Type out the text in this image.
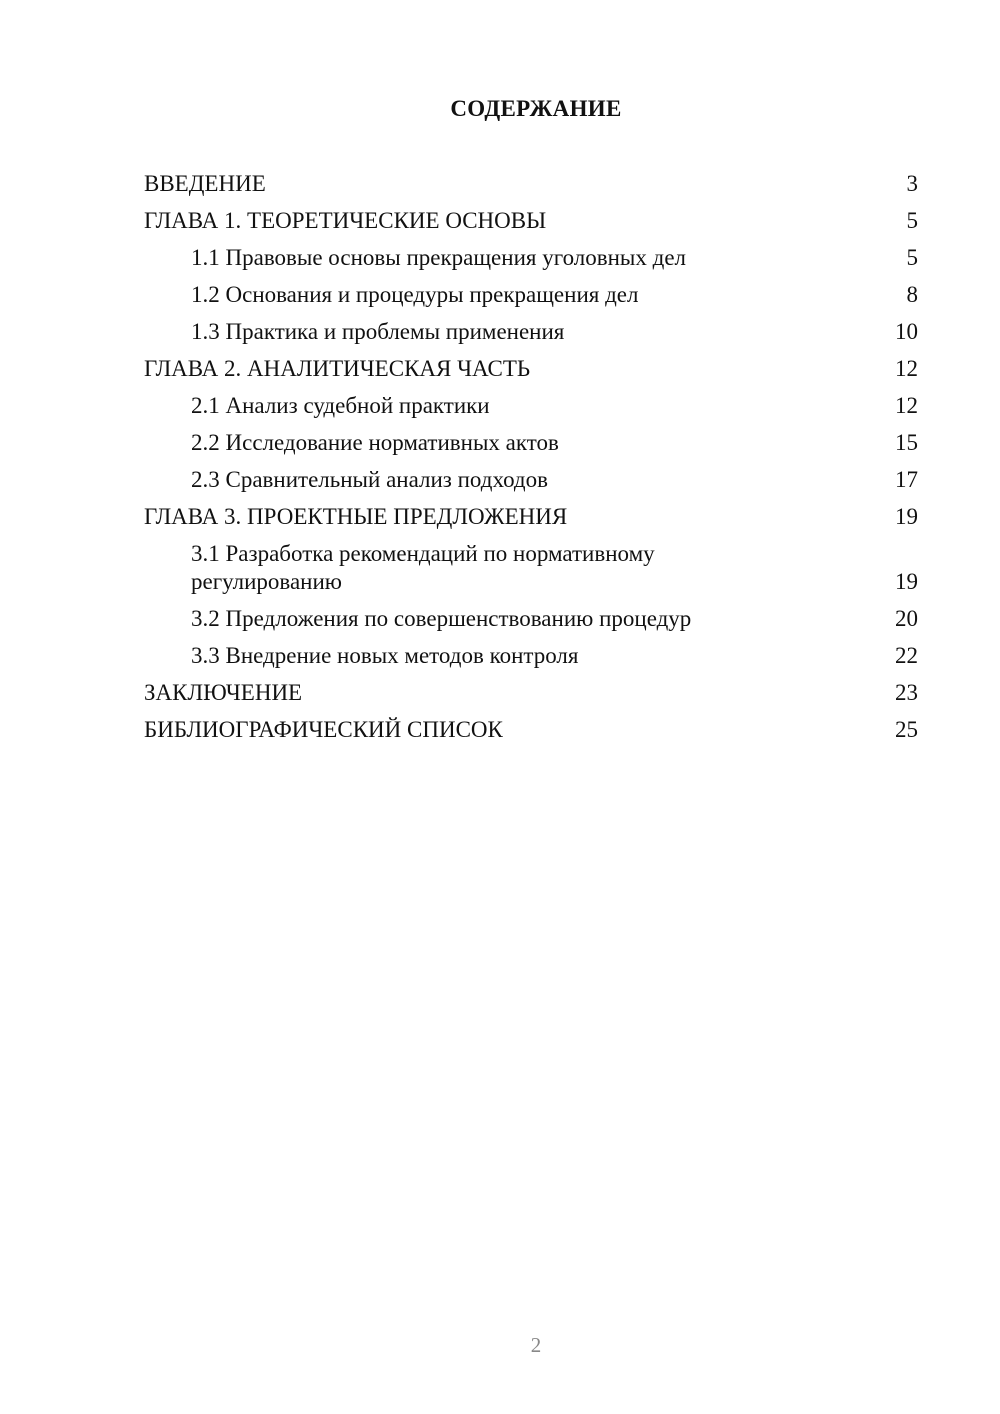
СОДЕРЖАНИЕ
ВВЕДЕНИЕ	3
ГЛАВА 1. ТЕОРЕТИЧЕСКИЕ ОСНОВЫ	5
1.1 Правовые основы прекращения уголовных дел	5
1.2 Основания и процедуры прекращения дел	8
1.3 Практика и проблемы применения	10
ГЛАВА 2. АНАЛИТИЧЕСКАЯ ЧАСТЬ	12
2.1 Анализ судебной практики	12
2.2 Исследование нормативных актов	15
2.3 Сравнительный анализ подходов	17
ГЛАВА 3. ПРОЕКТНЫЕ ПРЕДЛОЖЕНИЯ	19
3.1 Разработка рекомендаций по нормативному регулированию	19
3.2 Предложения по совершенствованию процедур	20
3.3 Внедрение новых методов контроля	22
ЗАКЛЮЧЕНИЕ	23
БИБЛИОГРАФИЧЕСКИЙ СПИСОК	25
2
